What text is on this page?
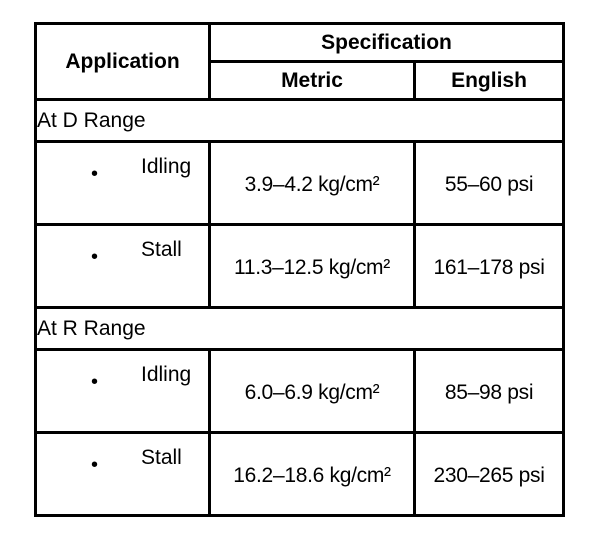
Application	Specification	
	Metric	English
At D Range		

• Idling	3.9–4.2 kg/cm²	55–60 psi

• Stall	11.3–12.5 kg/cm²	161–178 psi
At R Range		

• Idling	6.0–6.9 kg/cm²	85–98 psi

• Stall	16.2–18.6 kg/cm²	230–265 psi
